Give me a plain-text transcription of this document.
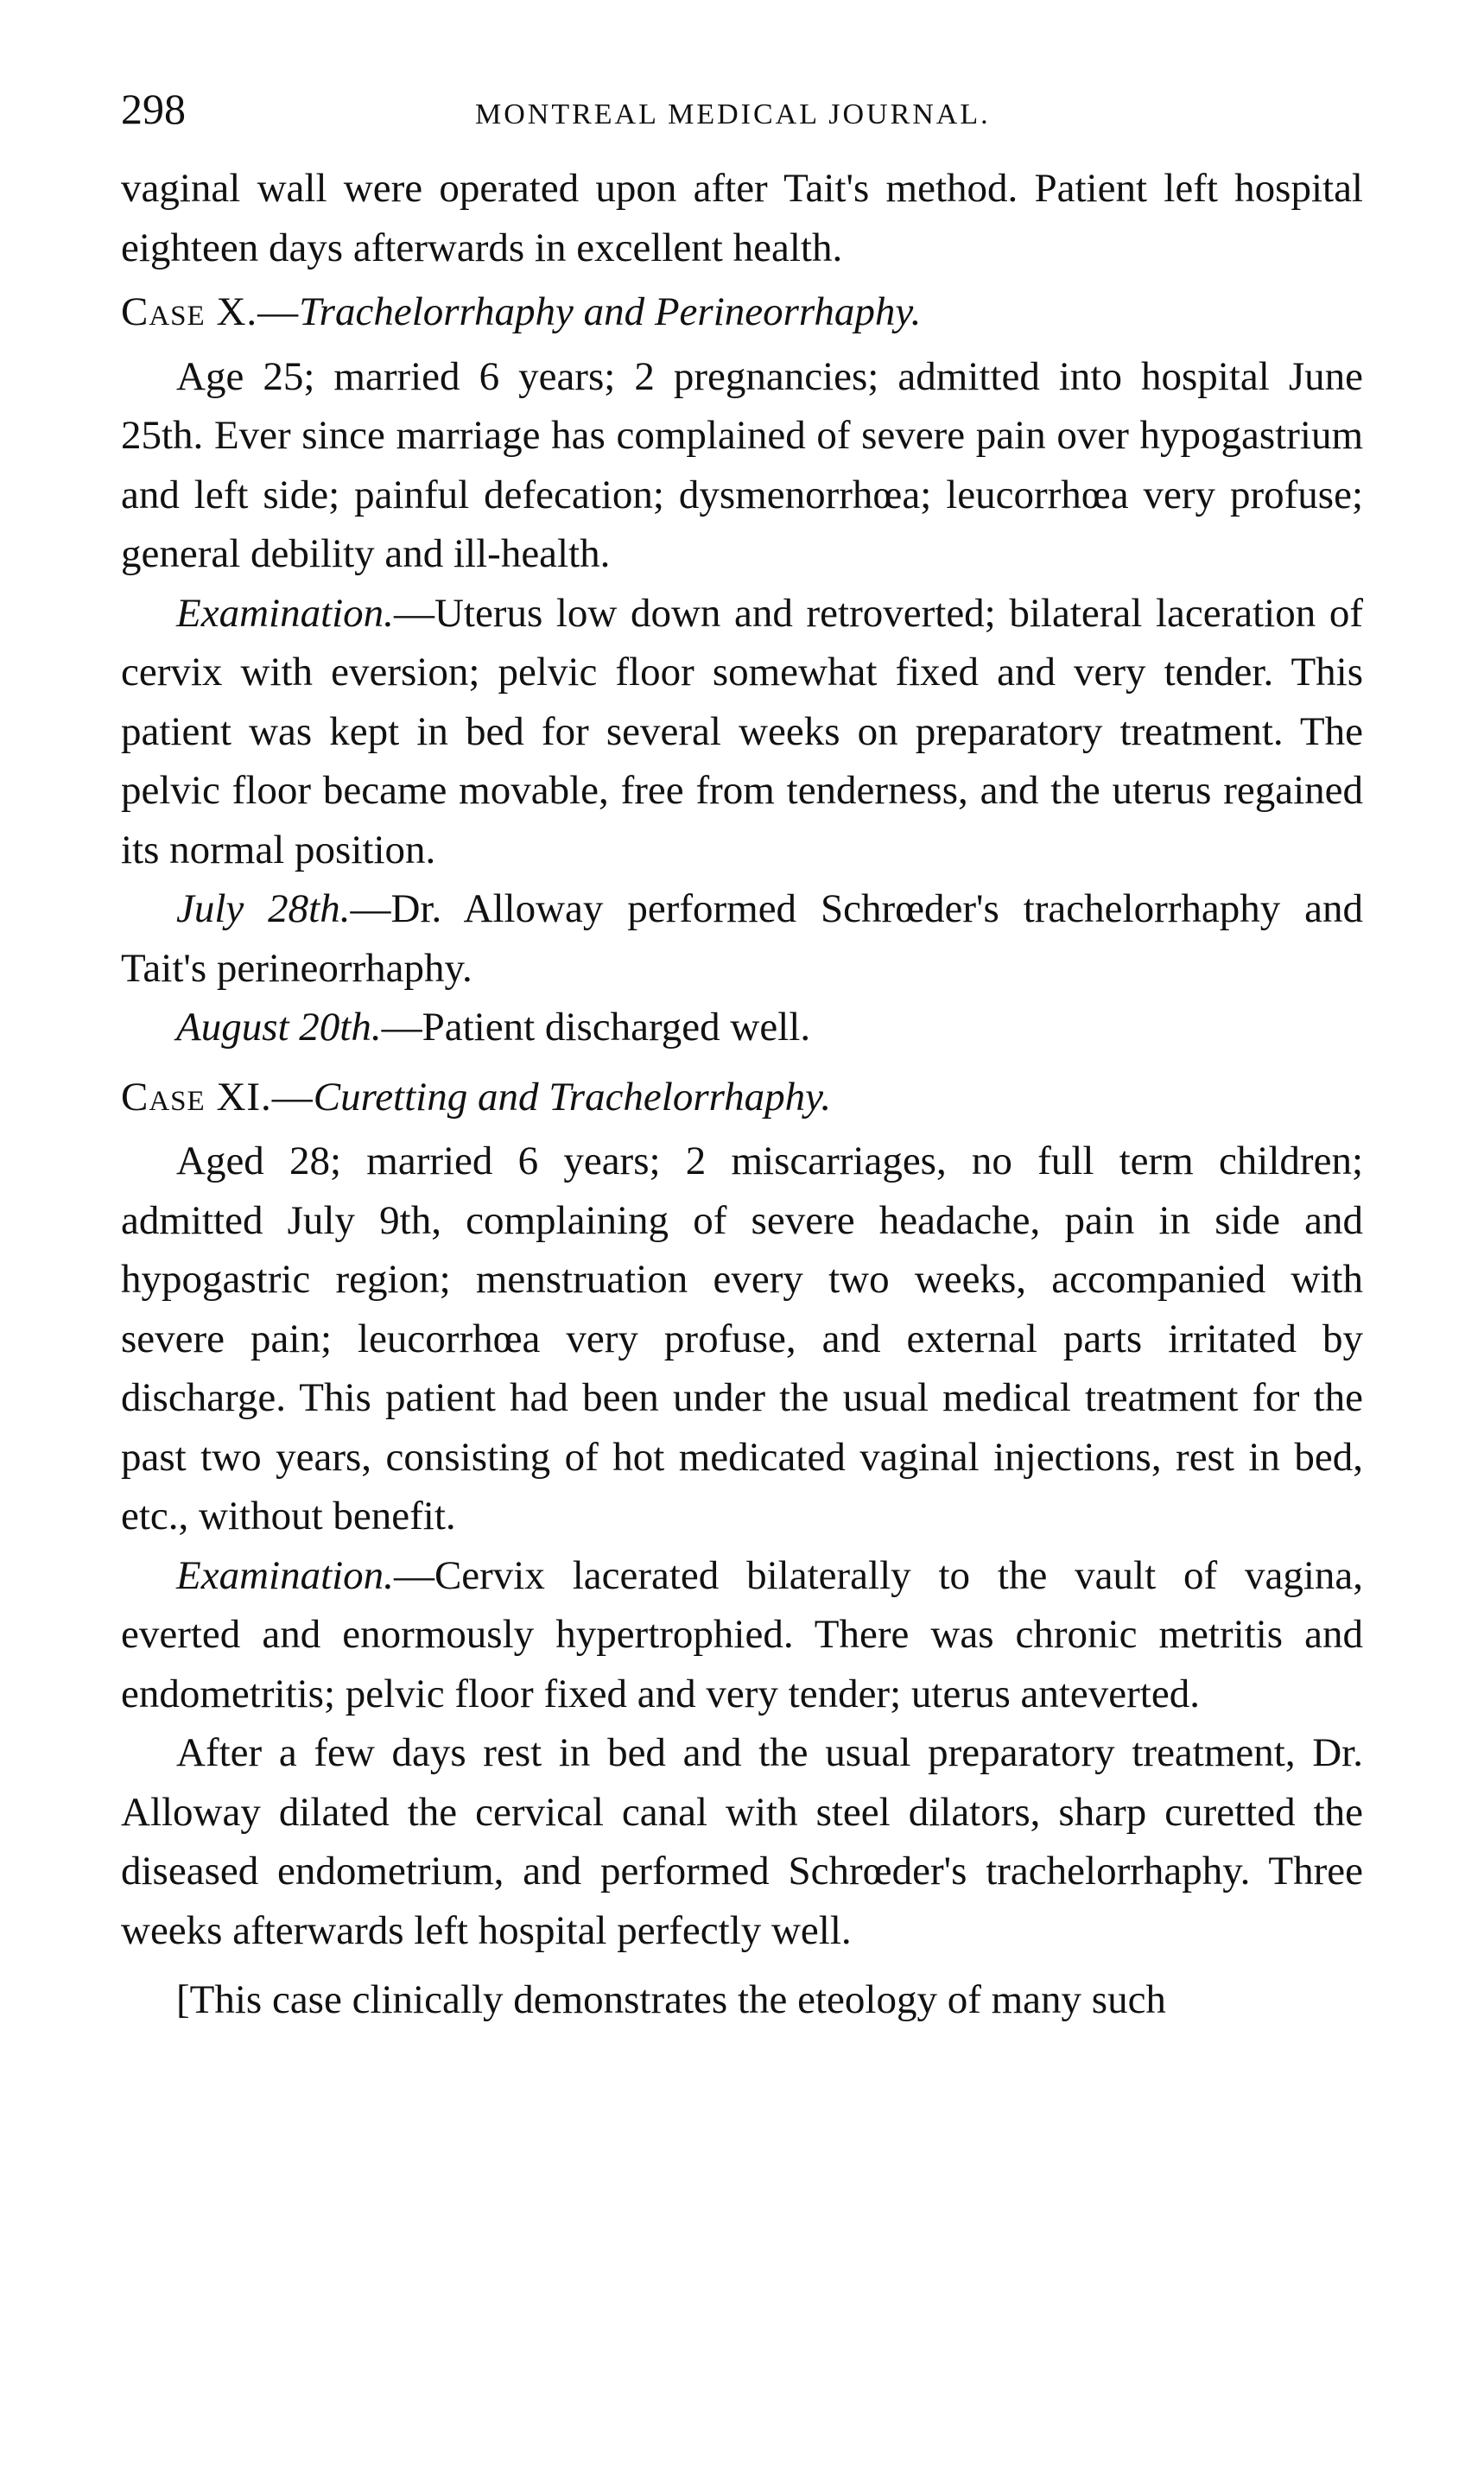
298	MONTREAL MEDICAL JOURNAL.

vaginal wall were operated upon after Tait's method. Patient left hospital eighteen days afterwards in excellent health.

Case X.—Trachelorrhaphy and Perineorrhaphy.

Age 25; married 6 years; 2 pregnancies; admitted into hospital June 25th. Ever since marriage has complained of severe pain over hypogastrium and left side; painful defecation; dysmenorrhœa; leucorrhœa very profuse; general debility and ill-health.

Examination.—Uterus low down and retroverted; bilateral laceration of cervix with eversion; pelvic floor somewhat fixed and very tender. This patient was kept in bed for several weeks on preparatory treatment. The pelvic floor became movable, free from tenderness, and the uterus regained its normal position.

July 28th.—Dr. Alloway performed Schrœder's trachelorrhaphy and Tait's perineorrhaphy.

August 20th.—Patient discharged well.

Case XI.—Curetting and Trachelorrhaphy.

Aged 28; married 6 years; 2 miscarriages, no full term children; admitted July 9th, complaining of severe headache, pain in side and hypogastric region; menstruation every two weeks, accompanied with severe pain; leucorrhœa very profuse, and external parts irritated by discharge. This patient had been under the usual medical treatment for the past two years, consisting of hot medicated vaginal injections, rest in bed, etc., without benefit.

Examination.—Cervix lacerated bilaterally to the vault of vagina, everted and enormously hypertrophied. There was chronic metritis and endometritis; pelvic floor fixed and very tender; uterus anteverted.

After a few days rest in bed and the usual preparatory treatment, Dr. Alloway dilated the cervical canal with steel dilators, sharp curetted the diseased endometrium, and performed Schrœder's trachelorrhaphy. Three weeks afterwards left hospital perfectly well.

[This case clinically demonstrates the eteology of many such
